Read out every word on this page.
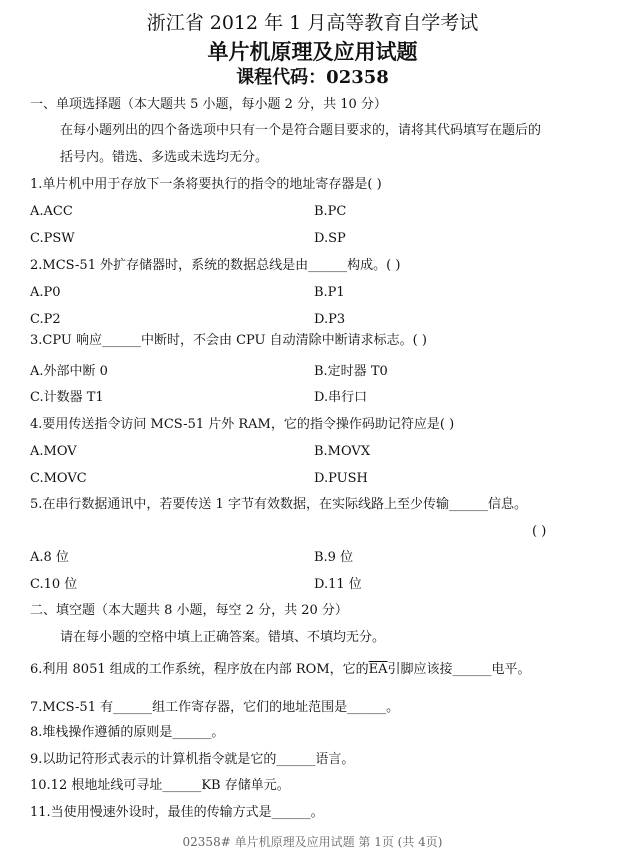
浙江省 2012 年 1 月高等教育自学考试
单片机原理及应用试题
课程代码：02358
一、单项选择题（本大题共 5 小题，每小题 2 分，共 10 分）
在每小题列出的四个备选项中只有一个是符合题目要求的，请将其代码填写在题后的
括号内。错选、多选或未选均无分。
1.单片机中用于存放下一条将要执行的指令的地址寄存器是( )
A.ACC	B.PC
C.PSW	D.SP
2.MCS-51 外扩存储器时，系统的数据总线是由______构成。( )
A.P0	B.P1
C.P2	D.P3
3.CPU 响应______中断时，不会由 CPU 自动清除中断请求标志。( )
A.外部中断 0	B.定时器 T0
C.计数器 T1	D.串行口
4.要用传送指令访问 MCS-51 片外 RAM，它的指令操作码助记符应是( )
A.MOV	B.MOVX
C.MOVC	D.PUSH
5.在串行数据通讯中，若要传送 1 字节有效数据，在实际线路上至少传输______信息。
( )
A.8 位	B.9 位
C.10 位	D.11 位
二、填空题（本大题共 8 小题，每空 2 分，共 20 分）
请在每小题的空格中填上正确答案。错填、不填均无分。
6.利用 8051 组成的工作系统，程序放在内部 ROM，它的$\overline{EA}$引脚应该接______电平。
7.MCS-51 有______组工作寄存器，它们的地址范围是______。
8.堆栈操作遵循的原则是______。
9.以助记符形式表示的计算机指令就是它的______语言。
10.12 根地址线可寻址______KB 存储单元。
11.当使用慢速外设时，最佳的传输方式是______。
02358# 单片机原理及应用试题 第 1页 (共 4页)
